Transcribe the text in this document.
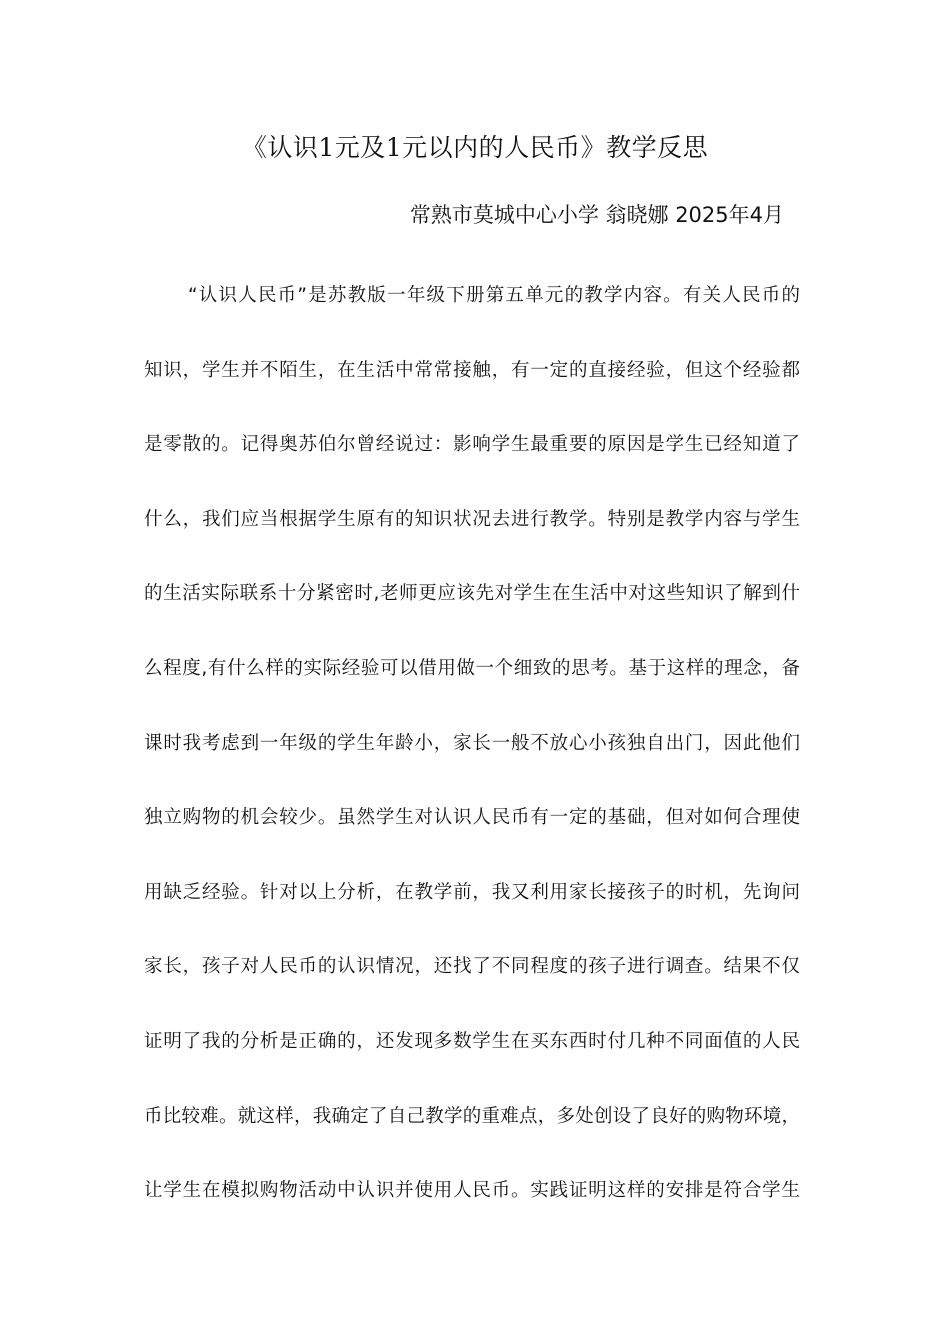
《认识1元及1元以内的人民币》教学反思
常熟市莫城中心小学 翁晓娜 2025年4月
“认识人民币”是苏教版一年级下册第五单元的教学内容。有关人民币的
知识，学生并不陌生，在生活中常常接触，有一定的直接经验，但这个经验都
是零散的。记得奥苏伯尔曾经说过：影响学生最重要的原因是学生已经知道了
什么，我们应当根据学生原有的知识状况去进行教学。特别是教学内容与学生
的生活实际联系十分紧密时,老师更应该先对学生在生活中对这些知识了解到什
么程度,有什么样的实际经验可以借用做一个细致的思考。基于这样的理念，备
课时我考虑到一年级的学生年龄小，家长一般不放心小孩独自出门，因此他们
独立购物的机会较少。虽然学生对认识人民币有一定的基础，但对如何合理使
用缺乏经验。针对以上分析，在教学前，我又利用家长接孩子的时机，先询问
家长，孩子对人民币的认识情况，还找了不同程度的孩子进行调查。结果不仅
证明了我的分析是正确的，还发现多数学生在买东西时付几种不同面值的人民
币比较难。就这样，我确定了自己教学的重难点，多处创设了良好的购物环境，
让学生在模拟购物活动中认识并使用人民币。实践证明这样的安排是符合学生
